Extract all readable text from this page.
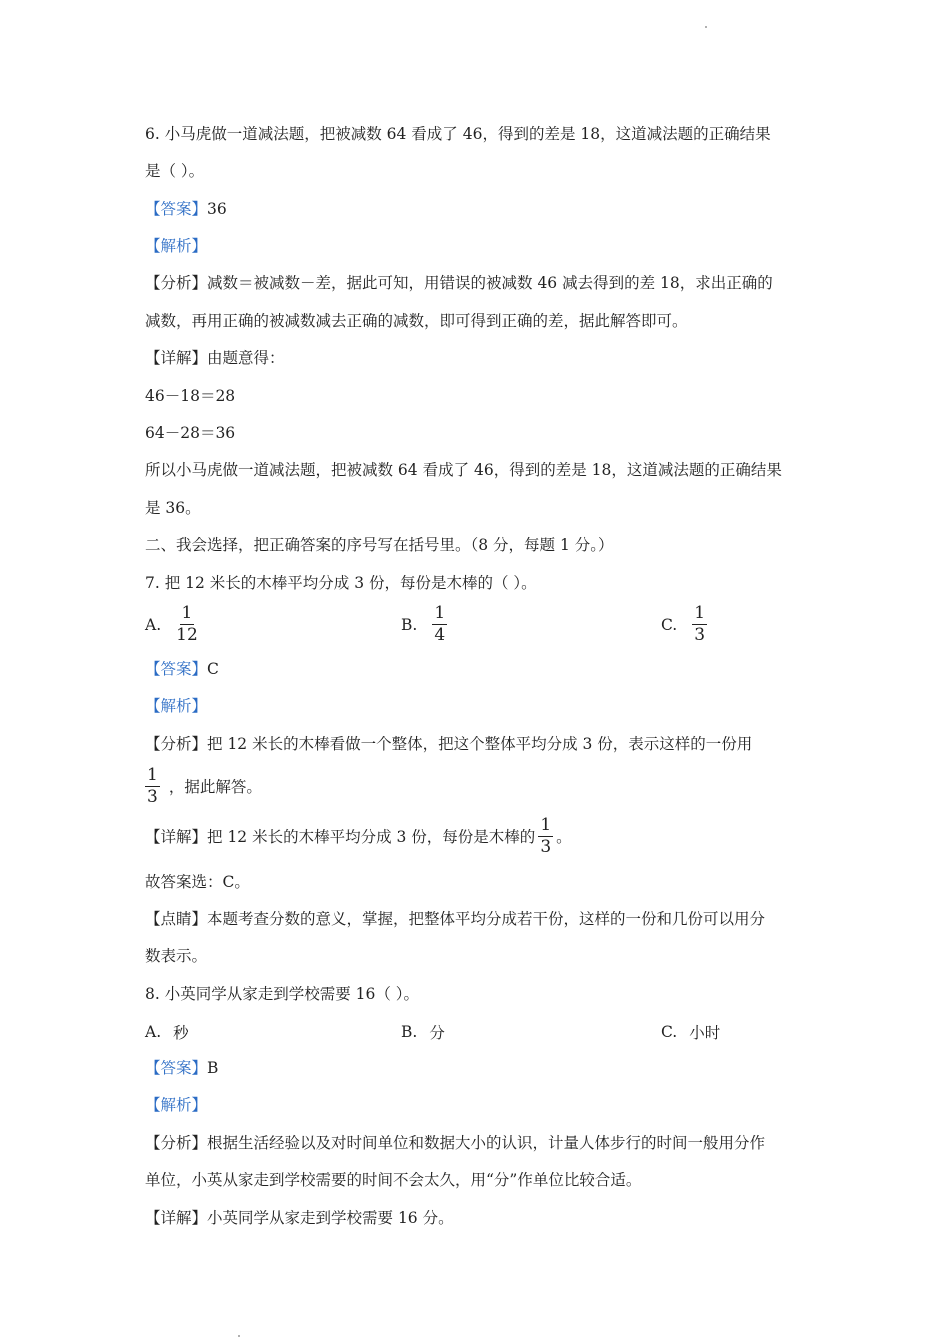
6. 小马虎做一道减法题，把被减数 64 看成了 46，得到的差是 18，这道减法题的正确结果
是（ ）。
【答案】36
【解析】
【分析】减数＝被减数－差，据此可知，用错误的被减数 46 减去得到的差 18，求出正确的
减数，再用正确的被减数减去正确的减数，即可得到正确的差，据此解答即可。
【详解】由题意得：
46－18＝28
64－28＝36
所以小马虎做一道减法题，把被减数 64 看成了 46，得到的差是 18，这道减法题的正确结果
是 36。
二、我会选择，把正确答案的序号写在括号里。（8 分，每题 1 分。）
7. 把 12 米长的木棒平均分成 3 份，每份是木棒的（ ）。
A. $\frac{1}{12}$	B. $\frac{1}{4}$	C. $\frac{1}{3}$
【答案】C
【解析】
【分析】把 12 米长的木棒看做一个整体，把这个整体平均分成 3 份，表示这样的一份用
$\frac{1}{3}$ ，据此解答。
【详解】 把 12 米长的木棒平均分成 3 份，每份是木棒的 $\frac{1}{3}$ 。
故答案选：C。
【点睛】本题考查分数的意义，掌握，把整体平均分成若干份，这样的一份和几份可以用分
数表示。
8. 小英同学从家走到学校需要 16（ ）。
A. 秒	B. 分	C. 小时
【答案】B
【解析】
【分析】根据生活经验以及对时间单位和数据大小的认识，计量人体步行的时间一般用分作
单位，小英从家走到学校需要的时间不会太久，用“分”作单位比较合适。
【详解】小英同学从家走到学校需要 16 分。
